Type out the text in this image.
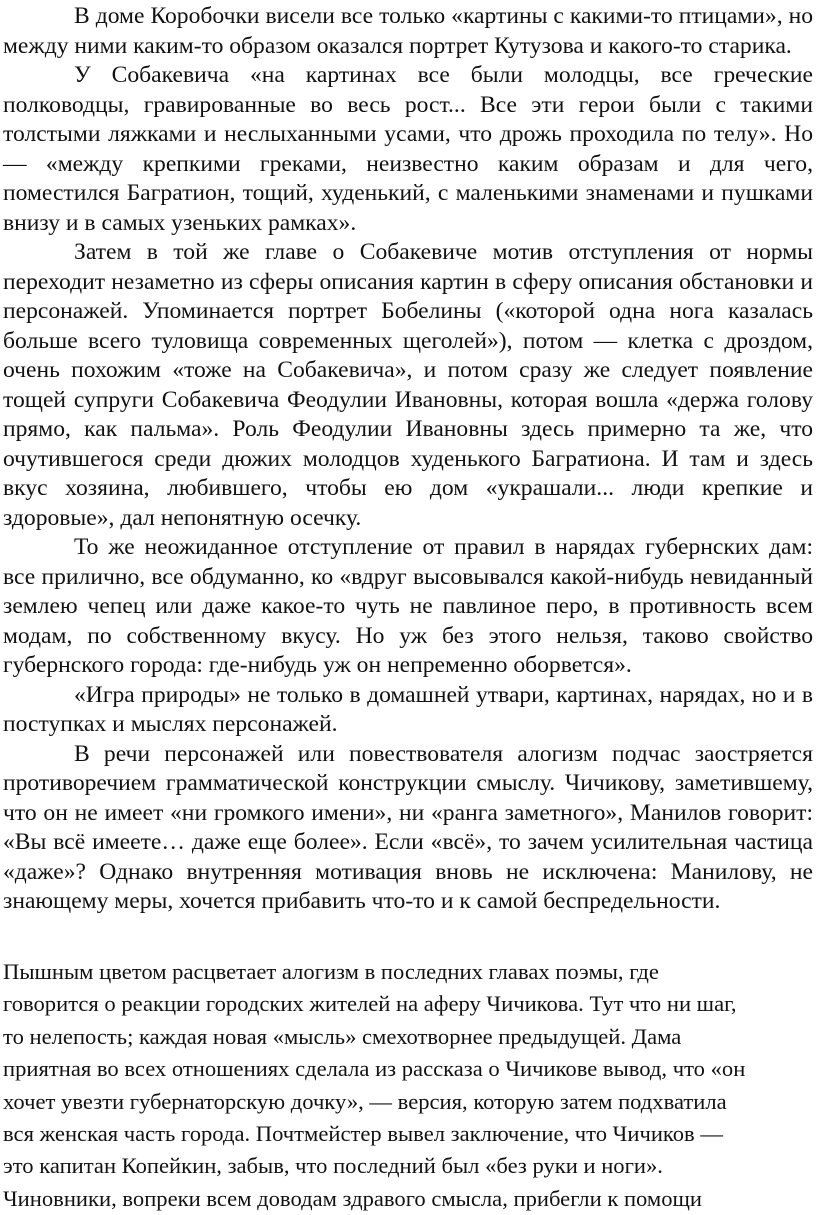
В доме Коробочки висели все только «картины с какими-то птицами», но между ними каким-то образом оказался портрет Кутузова и какого-то старика.

У Собакевича «на картинах все были молодцы, все греческие полководцы, гравированные во весь рост... Все эти герои были с такими толстыми ляжками и неслыханными усами, что дрожь проходила по телу». Но — «между крепкими греками, неизвестно каким образам и для чего, поместился Багратион, тощий, худенький, с маленькими знаменами и пушками внизу и в самых узеньких рамках».

Затем в той же главе о Собакевиче мотив отступления от нормы переходит незаметно из сферы описания картин в сферу описания обстановки и персонажей. Упоминается портрет Бобелины («которой одна нога казалась больше всего туловища современных щеголей»), потом — клетка с дроздом, очень похожим «тоже на Собакевича», и потом сразу же следует появление тощей супруги Собакевича Феодулии Ивановны, которая вошла «держа голову прямо, как пальма». Роль Феодулии Ивановны здесь примерно та же, что очутившегося среди дюжих молодцов худенького Багратиона. И там и здесь вкус хозяина, любившего, чтобы ею дом «украшали... люди крепкие и здоровые», дал непонятную осечку.

То же неожиданное отступление от правил в нарядах губернских дам: все прилично, все обдуманно, ко «вдруг высовывался какой-нибудь невиданный землею чепец или даже какое-то чуть не павлиное перо, в противность всем модам, по собственному вкусу. Но уж без этого нельзя, таково свойство губернского города: где-нибудь уж он непременно оборвется».

«Игра природы» не только в домашней утвари, картинах, нарядах, но и в поступках и мыслях персонажей.

В речи персонажей или повествователя алогизм подчас заостряется противоречием грамматической конструкции смыслу. Чичикову, заметившему, что он не имеет «ни громкого имени», ни «ранга заметного», Манилов говорит: «Вы всё имеете… даже еще более». Если «всё», то зачем усилительная частица «даже»? Однако внутренняя мотивация вновь не исключена: Манилову, не знающему меры, хочется прибавить что-то и к самой беспредельности.

Пышным цветом расцветает алогизм в последних главах поэмы, где
говорится о реакции городских жителей на аферу Чичикова. Тут что ни шаг,
то нелепость; каждая новая «мысль» смехотворнее предыдущей. Дама
приятная во всех отношениях сделала из рассказа о Чичикове вывод, что «он
хочет увезти губернаторскую дочку», — версия, которую затем подхватила
вся женская часть города. Почтмейстер вывел заключение, что Чичиков —
это капитан Копейкин, забыв, что последний был «без руки и ноги».
Чиновники, вопреки всем доводам здравого смысла, прибегли к помощи
